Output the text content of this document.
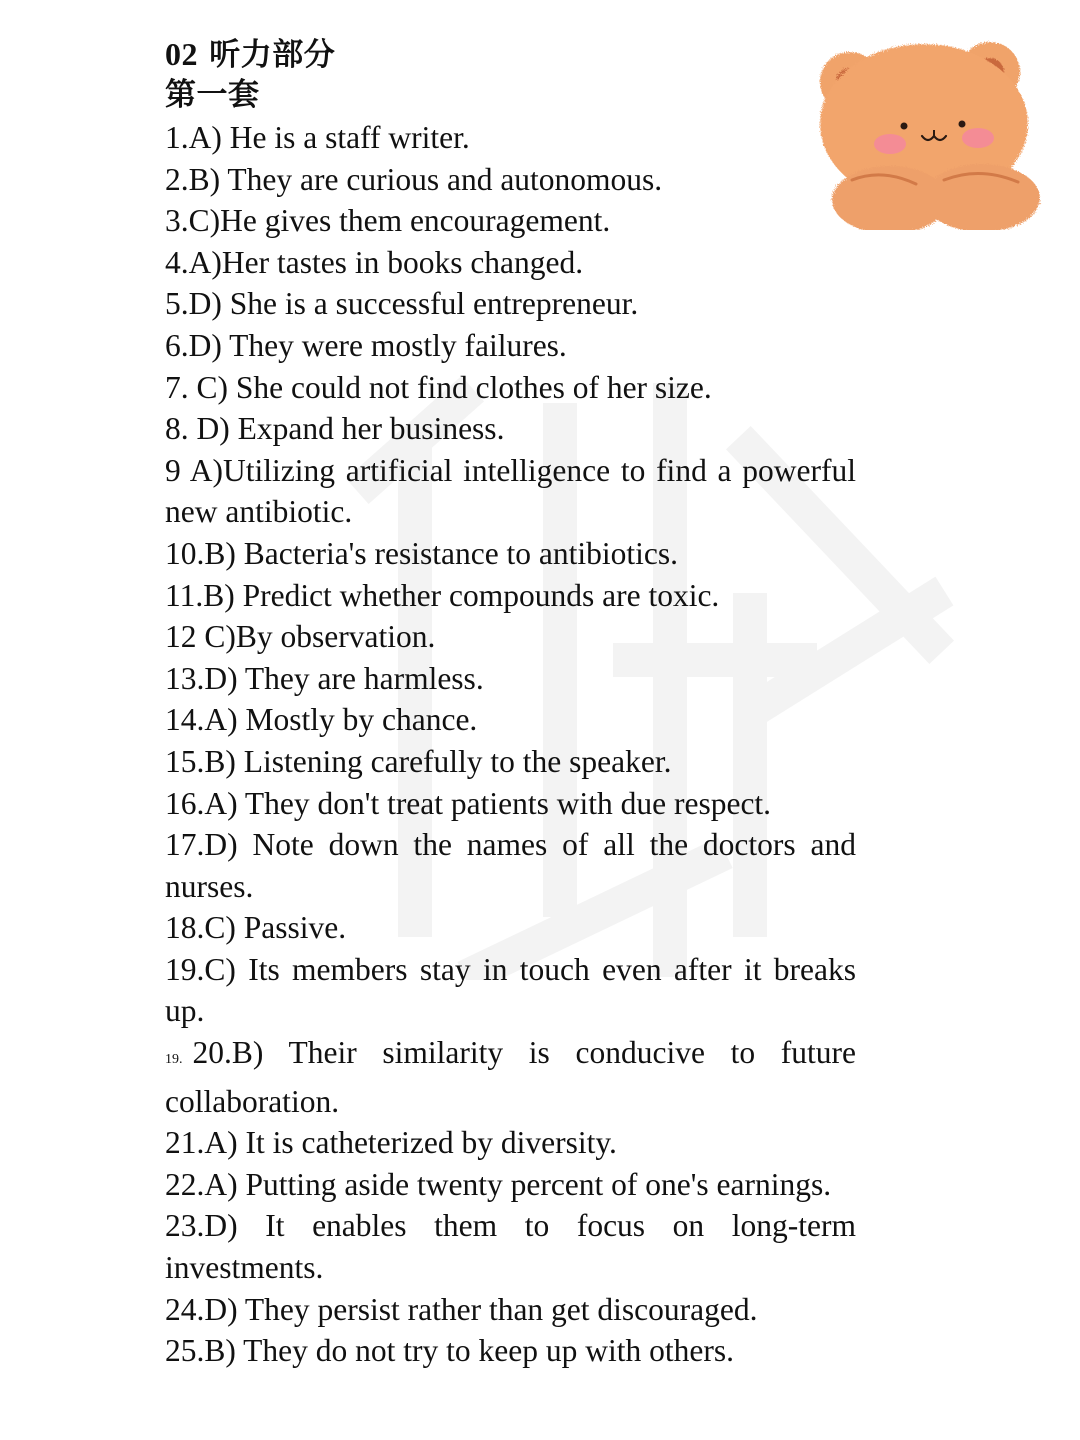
02 听力部分
第一套
1.A) He is a staff writer.
2.B) They are curious and autonomous.
3.C)He gives them encouragement.
4.A)Her tastes in books changed.
5.D) She is a successful entrepreneur.
6.D) They were mostly failures.
7. C) She could not find clothes of her size.
8. D) Expand her business.
9 A)Utilizing artificial intelligence to find a powerful new antibiotic.
10.B) Bacteria's resistance to antibiotics.
11.B) Predict whether compounds are toxic.
12 C)By observation.
13.D) They are harmless.
14.A) Mostly by chance.
15.B) Listening carefully to the speaker.
16.A) They don't treat patients with due respect.
17.D) Note down the names of all the doctors and nurses.
18.C) Passive.
19.C) Its members stay in touch even after it breaks up.
19. 20.B) Their similarity is conducive to future collaboration.
21.A) It is catheterized by diversity.
22.A) Putting aside twenty percent of one's earnings.
23.D) It enables them to focus on long-term investments.
24.D) They persist rather than get discouraged.
25.B) They do not try to keep up with others.
